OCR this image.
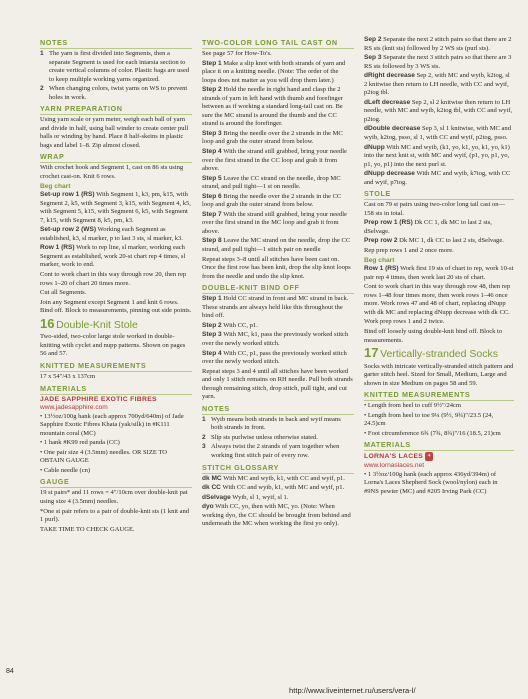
NOTES
1 The yarn is first divided into Segments, then a separate Segment is used for each intarsia section to create vertical columns of color. Plastic bags are used to keep multiple working yarns organized.
2 When changing colors, twist yarns on WS to prevent holes in work.
YARN PREPARATION
Using yarn scale or yarn meter, weigh each ball of yarn and divide in half, using ball winder to create center pull balls or winding by hand. Place 8 half-skeins in plastic bags and label 1–8. Zip almost closed.
WRAP
With crochet hook and Segment 1, cast on 86 sts using crochet cast-on. Knit 6 rows.
Beg chart
Set-up row 1 (RS) With Segment 1, k3, pm, k15, with Segment 2, k5, with Segment 3, k15, with Segment 4, k5, with Segment 5, k15, with Segment 6, k5, with Segment 7, k15, with Segment 8, k5, pm, k3.
Set-up row 2 (WS) Working each Segment as established, k3, sl marker, p to last 3 sts, sl marker, k3.
Row 1 (RS) Work to rep line, sl marker, working each Segment as established, work 20-st chart rep 4 times, sl marker, work to end.
Cont to work chart in this way through row 20, then rep rows 1–20 of chart 20 times more.
Cut all Segments.
Join any Segment except Segment 1 and knit 6 rows. Bind off. Block to measurements, pinning out side points.
16 Double-Knit Stole
Two-sided, two-color large stole worked in double-knitting with cyclet and nupp patterns. Shown on pages 56 and 57.
KNITTED MEASUREMENTS
17 x 54"/43 x 137cm
MATERIALS
JADE SAPPHIRE EXOTIC FIBRES
www.jadesapphire.com
• 13½oz/100g hank (each approx 700yd/640m) of Jade Sapphire Exotic Fibres Khata (yak/silk) in #K111 mountain coral (MC)
• 1 hank #K99 red panda (CC)
• One pair size 4 (3.5mm) needles. OR SIZE TO OBTAIN GAUGE
• Cable needle (cn)
GAUGE
19 st pairs* and 11 rows = 4"/10cm over double-knit pat using size 4 (3.5mm) needles.
*One st pair refers to a pair of double-knit sts (1 knit and 1 purl).
TAKE TIME TO CHECK GAUGE.
TWO-COLOR LONG TAIL CAST ON
See page 57 for How-To's.
Step 1 Make a slip knot with both strands of yarn and place it on a knitting needle. (Note: The order of the loops does not matter as you will drop them later.)
Step 2 Hold the needle in right hand and clasp the 2 strands of yarn in left hand with thumb and forefinger between as if working a standard long-tail cast on. Be sure the MC strand is around the thumb and the CC strand is around the forefinger.
Step 3 Bring the needle over the 2 strands in the MC loop and grab the outer strand from below.
Step 4 With the strand still grabbed, bring your needle over the first strand in the CC loop and grab it from above.
Step 5 Leave the CC strand on the needle, drop MC strand, and pull tight—1 st on needle.
Step 6 Bring the needle over the 2 strands in the CC loop and grab the outer strand from below.
Step 7 With the strand still grabbed, bring your needle over the first strand in the MC loop and grab it from above.
Step 8 Leave the MC strand on the needle, drop the CC strand, and pull tight—1 stitch pair on needle
Repeat steps 3–8 until all stitches have been cast on. Once the first row has been knit, drop the slip knot loops from the needle and undo the slip knot.
DOUBLE-KNIT BIND OFF
Step 1 Hold CC strand in front and MC strand in back. These strands are always held like this throughout the bind off.
Step 2 With CC, p1.
Step 3 With MC, k1, pass the previously worked stitch over the newly worked stitch.
Step 4 With CC, p1, pass the previously worked stitch over the newly worked stitch.
Repeat steps 3 and 4 until all stitches have been worked and only 1 stitch remains on RH needle. Pull both strands through remaining stitch, drop stitch, pull tight, and cut yarn.
NOTES
1 Wyib means both strands in back and wyif means both strands in front.
2 Slip sts purlwise unless otherwise stated.
3 Always twist the 2 strands of yarn together when working first stitch pair of every row.
STITCH GLOSSARY
dk MC With MC and wyib, k1, with CC and wyif, p1.
dk CC With CC and wyib, k1, with MC and wyif, p1.
dSelvage Wyib, sl 1, wyif, sl 1.
dyo With CC, yo, then with MC, yo. (Note: When working dyo, the CC should be brought from behind and underneath the MC when working the first yo only).
Sep 2 Separate the next 2 stitch pairs so that there are 2 RS sts (knit sts) followed by 2 WS sts (purl sts).
Sep 3 Separate the next 3 stitch pairs so that there are 3 RS sts followed by 3 WS sts.
dRight decrease Sep 2, with MC and wyib, k2tog, sl 2 knitwise then return to LH needle, with CC and wyif, p2tog tbl.
dLeft decrease Sep 2, sl 2 knitwise then return to LH needle, with MC and wyib, k2tog tbl, with CC and wyif, p2tog.
dDouble decrease Sep 3, sl 1 knitwise, with MC and wyib, k2tog, psso, sl 1, with CC and wyif, p2tog, psso.
dNupp With MC and wyib, (k1, yo, k1, yo, k1, yo, k1) into the next knit st, with MC and wyif, (p1, yo, p1, yo, p1, yo, p1) into the next purl st.
dNupp decrease With MC and wyib, k7tog, with CC and wyif, p7tog.
STOLE
Cast on 79 st pairs using two-color long tail cast on—158 sts in total.
Prep row 1 (RS) Dk CC 1, dk MC to last 2 sts, dSelvage.
Prep row 2 Dk MC 1, dk CC to last 2 sts, dSelvage.
Rep prep rows 1 and 2 once more.
Beg chart
Row 1 (RS) Work first 19 sts of chart to rep, work 10-st pair rep 4 times, then work last 20 sts of chart.
Cont to work chart in this way through row 48, then rep rows 1–48 four times more, then work rows 1–46 once more. Work rows 47 and 48 of chart, replacing dNupp with dk MC and replacing dNupp decrease with dk CC.
Work prep rows 1 and 2 twice.
Bind off loosely using double-knit bind off. Block to measurements.
17 Vertically-stranded Socks
Socks with intricate vertically-stranded stitch pattern and garter stitch heel. Sized for Small, Medium, Large and shown in size Medium on pages 58 and 59.
KNITTED MEASUREMENTS
• Length from heel to cuff 9½"/24cm
• Length from heel to toe 9¼ (9½, 9¾)"/23.5 (24, 24.5)cm
• Foot circumference 6¾ (7¾, 8¾)"/16 (18.5, 21)cm
MATERIALS
LORNA'S LACES ✶
www.lornaslaces.net
• 1 3½oz/100g hank (each approx 436yd/394m) of Lorna's Laces Shepherd Sock (wool/nylon) each in #9NS pewter (MC) and #205 Irving Park (CC)
84
http://www.liveinternet.ru/users/vera-l/
